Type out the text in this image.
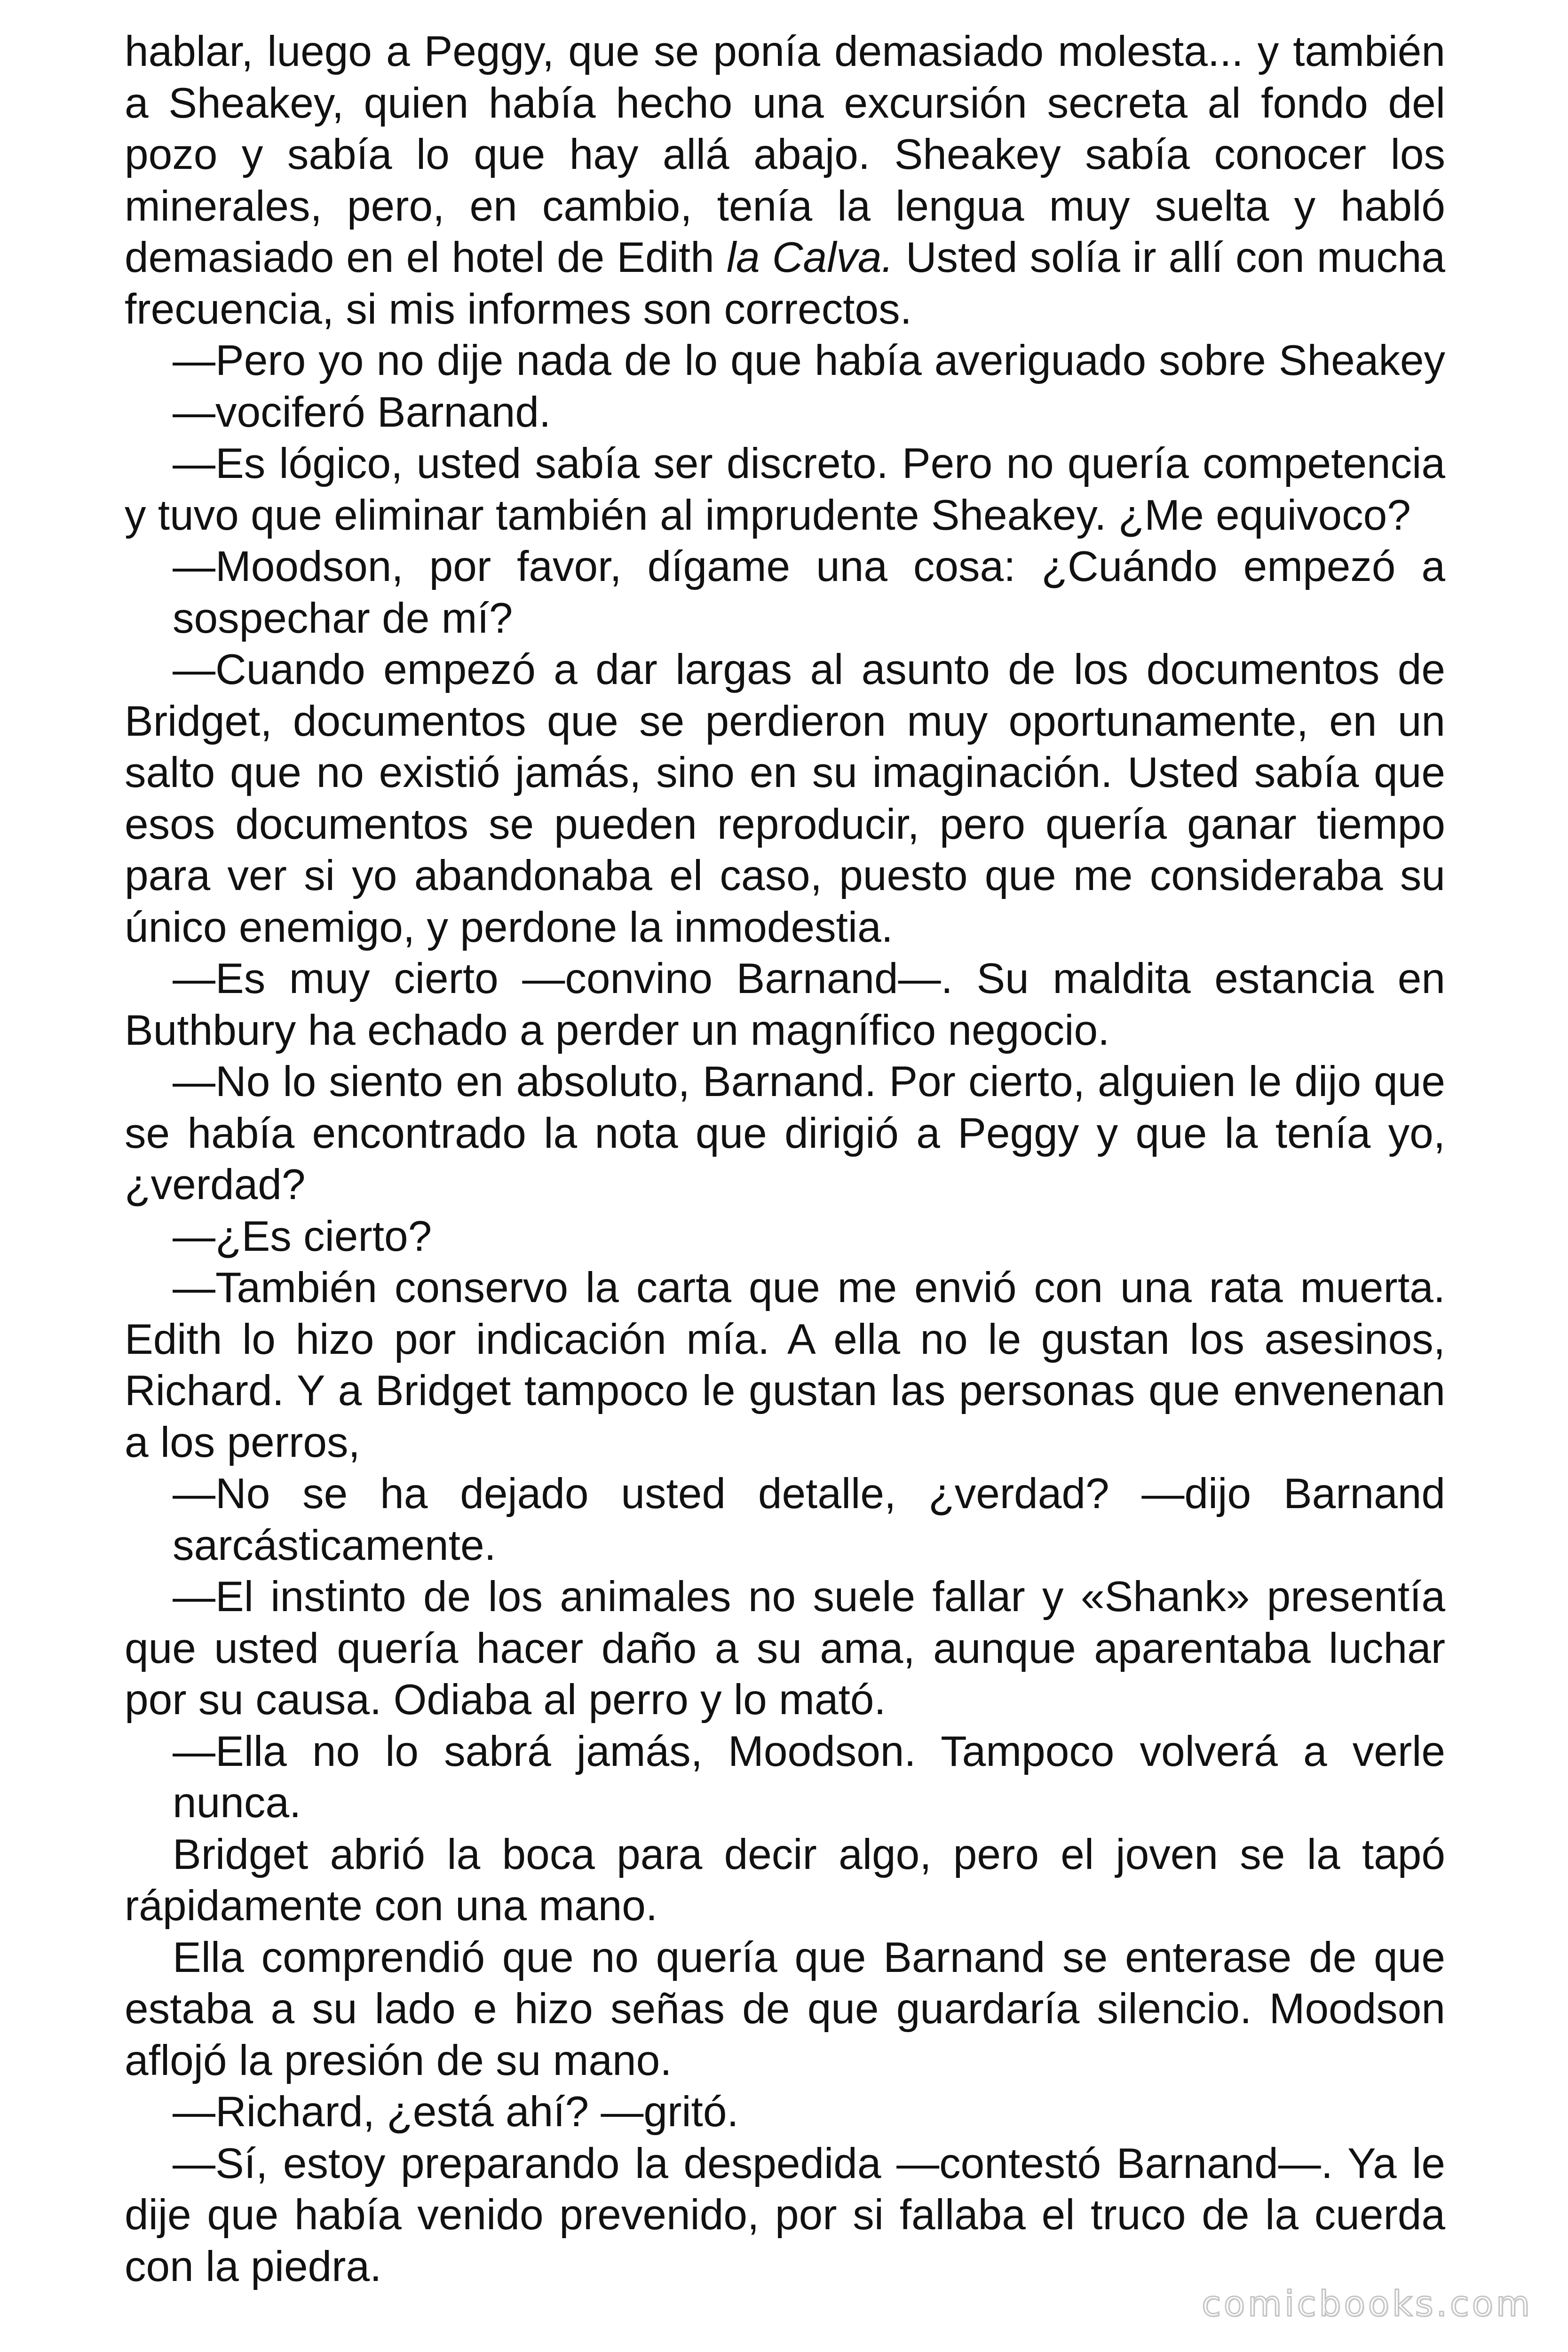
hablar, luego a Peggy, que se ponía demasiado molesta... y también a Sheakey, quien había hecho una excursión secreta al fondo del pozo y sabía lo que hay allá abajo. Sheakey sabía conocer los minerales, pero, en cambio, tenía la lengua muy suelta y habló demasiado en el hotel de Edith la Calva. Usted solía ir allí con mucha frecuencia, si mis informes son correctos.

—Pero yo no dije nada de lo que había averiguado sobre Sheakey —vociferó Barnand.

—Es lógico, usted sabía ser discreto. Pero no quería competencia y tuvo que eliminar también al imprudente Sheakey. ¿Me equivoco?

—Moodson, por favor, dígame una cosa: ¿Cuándo empezó a sospechar de mí?

—Cuando empezó a dar largas al asunto de los documentos de Bridget, documentos que se perdieron muy oportunamente, en un salto que no existió jamás, sino en su imaginación. Usted sabía que esos documentos se pueden reproducir, pero quería ganar tiempo para ver si yo abandonaba el caso, puesto que me consideraba su único enemigo, y perdone la inmodestia.

—Es muy cierto —convino Barnand—. Su maldita estancia en Buthbury ha echado a perder un magnífico negocio.

—No lo siento en absoluto, Barnand. Por cierto, alguien le dijo que se había encontrado la nota que dirigió a Peggy y que la tenía yo, ¿verdad?

—¿Es cierto?

—También conservo la carta que me envió con una rata muerta. Edith lo hizo por indicación mía. A ella no le gustan los asesinos, Richard. Y a Bridget tampoco le gustan las personas que envenenan a los perros,

—No se ha dejado usted detalle, ¿verdad? —dijo Barnand sarcásticamente.

—El instinto de los animales no suele fallar y «Shank» presentía que usted quería hacer daño a su ama, aunque aparentaba luchar por su causa. Odiaba al perro y lo mató.

—Ella no lo sabrá jamás, Moodson. Tampoco volverá a verle nunca.

Bridget abrió la boca para decir algo, pero el joven se la tapó rápidamente con una mano.

Ella comprendió que no quería que Barnand se enterase de que estaba a su lado e hizo señas de que guardaría silencio. Moodson aflojó la presión de su mano.

—Richard, ¿está ahí? —gritó.

—Sí, estoy preparando la despedida —contestó Barnand—. Ya le dije que había venido prevenido, por si fallaba el truco de la cuerda con la piedra.

comicbooks.com
